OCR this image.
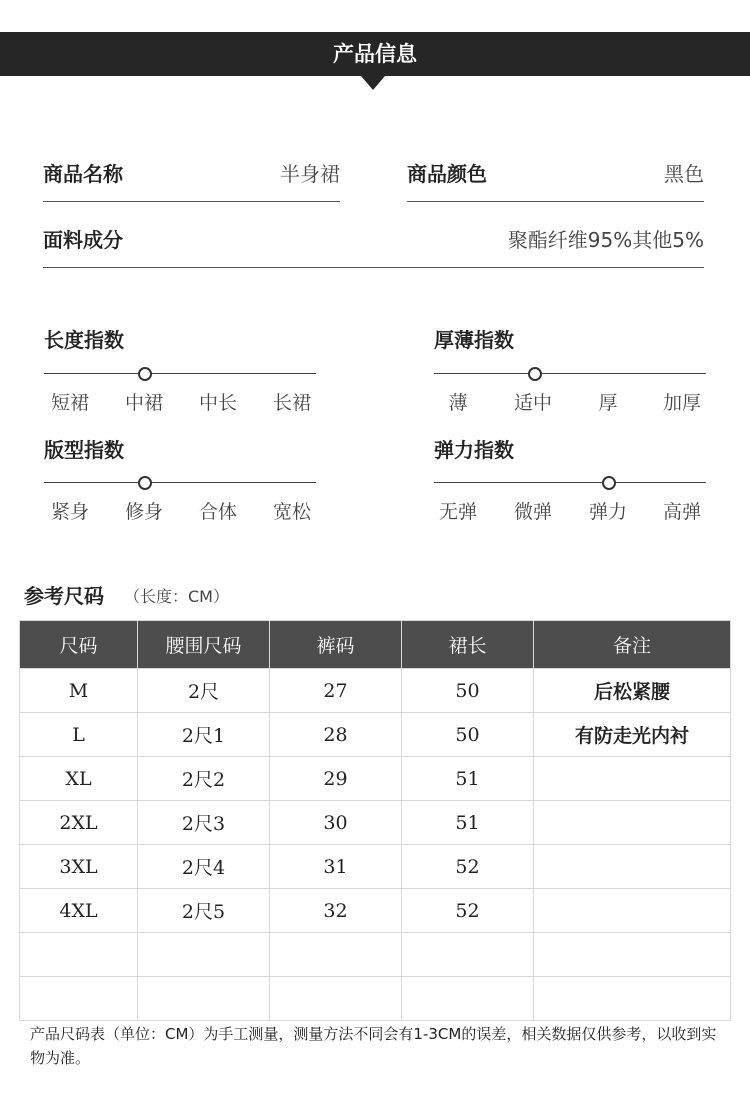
产品信息
商品名称	半身裙	商品颜色	黑色
面料成分	聚酯纤维95%其他5%
长度指数
短裙	中裙	中长	长裙
厚薄指数
薄	适中	厚	加厚
版型指数
紧身	修身	合体	宽松
弹力指数
无弹	微弹	弹力	高弹
参考尺码 （长度：CM）
尺码	腰围尺码	裤码	裙长	备注
M	2尺	27	50	后松紧腰
L	2尺1	28	50	有防走光内衬
XL	2尺2	29	51	
2XL	2尺3	30	51	
3XL	2尺4	31	52	
4XL	2尺5	32	52	

产品尺码表（单位：CM）为手工测量，测量方法不同会有1-3CM的误差，相关数据仅供参考，以收到实物为准。
